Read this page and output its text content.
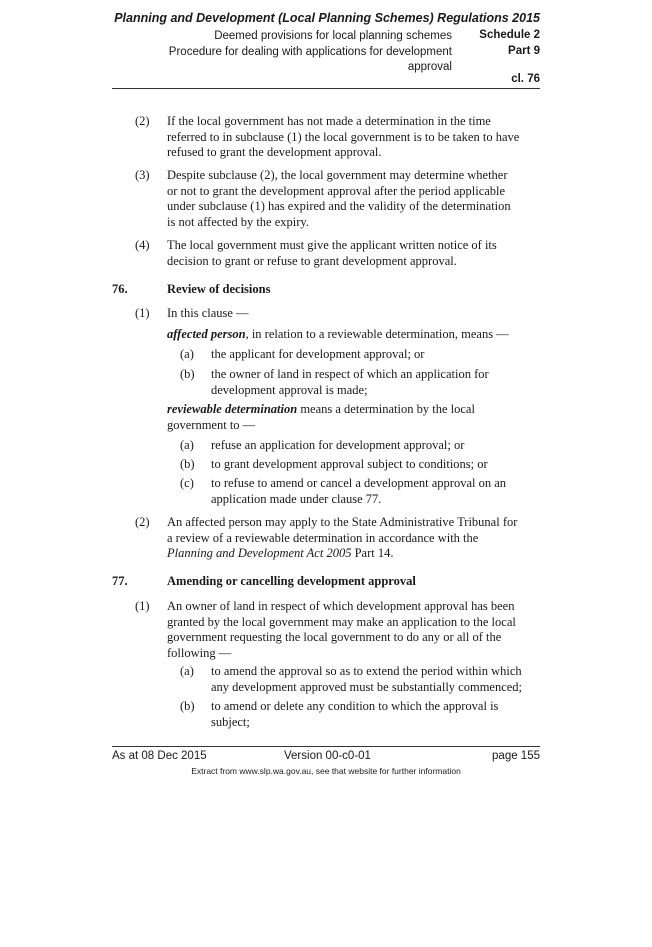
Planning and Development (Local Planning Schemes) Regulations 2015
Deemed provisions for local planning schemes Schedule 2
Procedure for dealing with applications for development
approval
Part 9
cl. 76
(2) If the local government has not made a determination in the time
referred to in subclause (1) the local government is to be taken to have
refused to grant the development approval.
(3) Despite subclause (2), the local government may determine whether
or not to grant the development approval after the period applicable
under subclause (1) has expired and the validity of the determination
is not affected by the expiry.
(4) The local government must give the applicant written notice of its
decision to grant or refuse to grant development approval.
76.	Review of decisions
(1) In this clause —
affected person, in relation to a reviewable determination, means —
(a) the applicant for development approval; or
(b) the owner of land in respect of which an application for
development approval is made;
reviewable determination means a determination by the local
government to —
(a) refuse an application for development approval; or
(b) to grant development approval subject to conditions; or
(c) to refuse to amend or cancel a development approval on an
application made under clause 77.
(2) An affected person may apply to the State Administrative Tribunal for
a review of a reviewable determination in accordance with the
Planning and Development Act 2005 Part 14.
77.	Amending or cancelling development approval
(1) An owner of land in respect of which development approval has been
granted by the local government may make an application to the local
government requesting the local government to do any or all of the
following —
(a) to amend the approval so as to extend the period within which
any development approved must be substantially commenced;
(b) to amend or delete any condition to which the approval is
subject;
As at 08 Dec 2015	Version 00-c0-01	page 155
Extract from www.slp.wa.gov.au, see that website for further information
